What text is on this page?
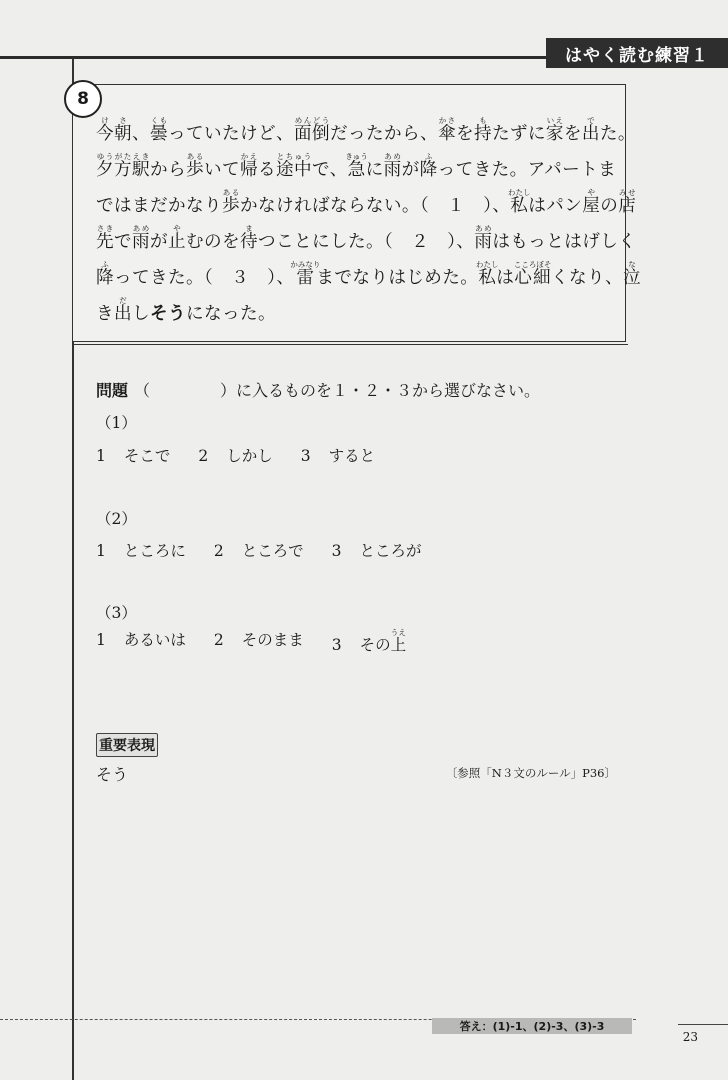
はやく読む練習１
8
今朝けさ、曇くもっていたけど、面倒めんどうだったから、傘かさを持もたずに家いえを出でた。
夕方駅ゆうがたえきから歩あるいて帰かえる途中とちゅうで、急きゅうに雨あめが降ふってきた。アパートま
ではまだかなり歩あるかなければならない。（　１　）、私わたしはパン屋やの店みせ
先さきで雨あめが止やむのを待まつことにした。（　２　）、雨あめはもっとはげしく
降ふってきた。（　３　）、雷かみなりまでなりはじめた。私わたしは心細こころぼそくなり、泣な
き出だしそうになった。
問題 （	）に入るものを１・２・３から選びなさい。
（1）
1 そこで 2 しかし 3 すると
（2）
1 ところに 2 ところで 3 ところが
（3）
1 あるいは 2 そのまま 3 その上うえ
重要表現
そう	〔参照「N３文のルール」P36〕
答え：(1)-1、(2)-3、(3)-3
23
